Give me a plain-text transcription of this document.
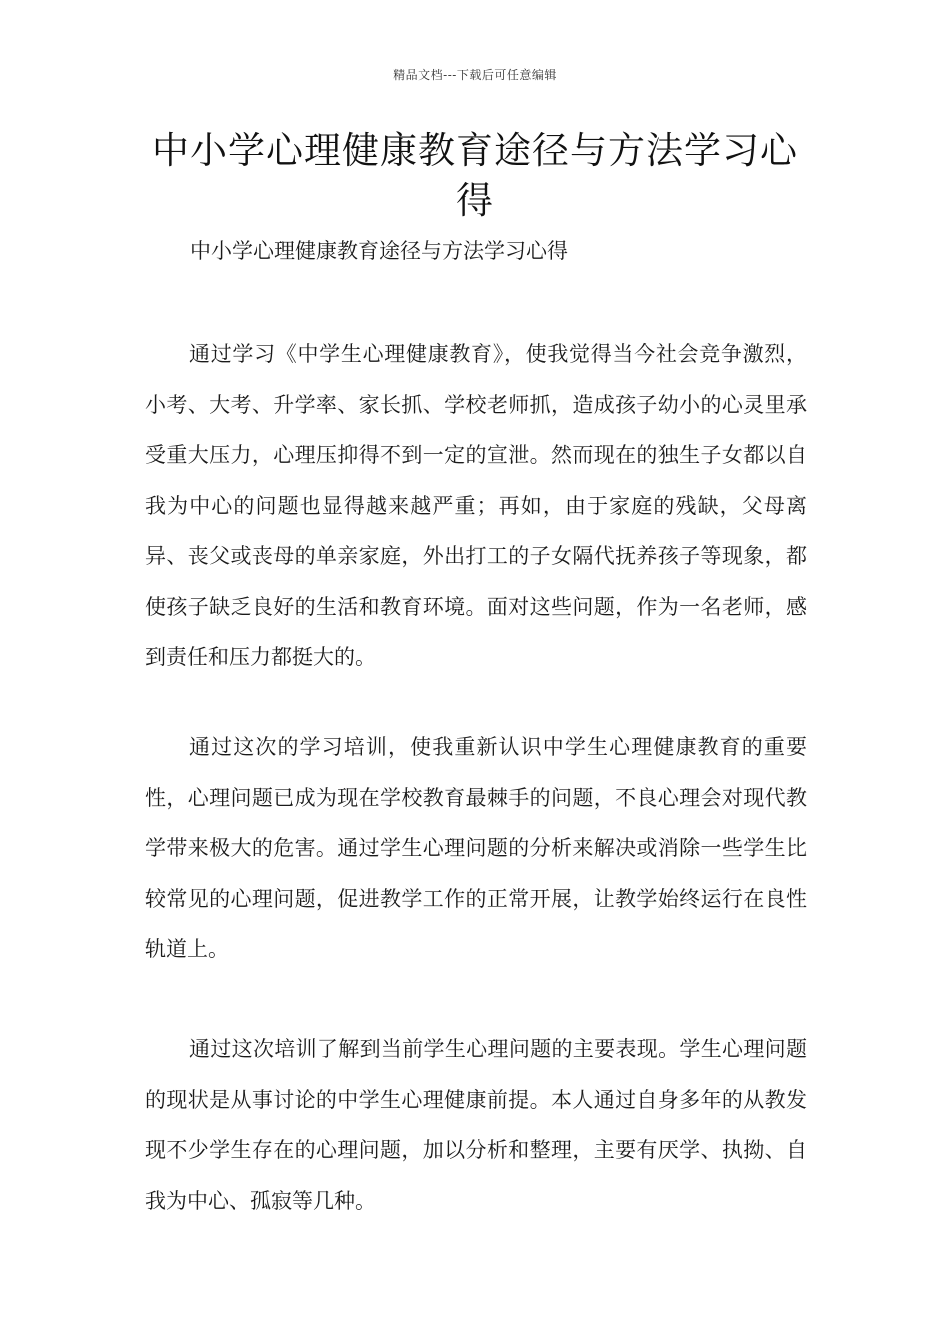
精品文档---下载后可任意编辑
中小学心理健康教育途径与方法学习心得

中小学心理健康教育途径与方法学习心得

通过学习《中学生心理健康教育》，使我觉得当今社会竞争激烈，小考、大考、升学率、家长抓、学校老师抓，造成孩子幼小的心灵里承受重大压力，心理压抑得不到一定的宣泄。然而现在的独生子女都以自我为中心的问题也显得越来越严重；再如，由于家庭的残缺，父母离异、丧父或丧母的单亲家庭，外出打工的子女隔代抚养孩子等现象，都使孩子缺乏良好的生活和教育环境。面对这些问题，作为一名老师，感到责任和压力都挺大的。

通过这次的学习培训，使我重新认识中学生心理健康教育的重要性，心理问题已成为现在学校教育最棘手的问题，不良心理会对现代教学带来极大的危害。通过学生心理问题的分析来解决或消除一些学生比较常见的心理问题，促进教学工作的正常开展，让教学始终运行在良性轨道上。

通过这次培训了解到当前学生心理问题的主要表现。学生心理问题的现状是从事讨论的中学生心理健康前提。本人通过自身多年的从教发现不少学生存在的心理问题，加以分析和整理，主要有厌学、执拗、自我为中心、孤寂等几种。
